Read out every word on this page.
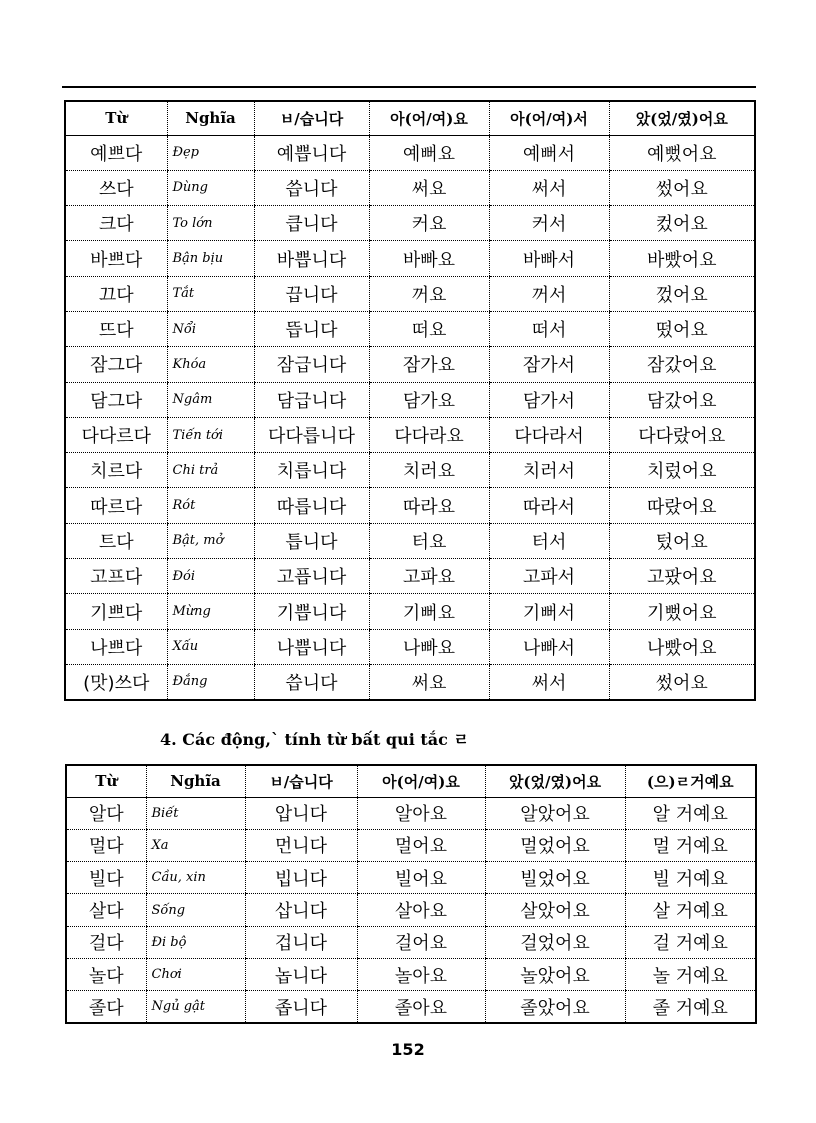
Từ	Nghĩa	ㅂ/습니다	아(어/여)요	아(어/여)서	았(었/였)어요
예쁘다	Đẹp	예쁩니다	예뻐요	예뻐서	예뻤어요
쓰다	Dùng	씁니다	써요	써서	썼어요
크다	To lớn	큽니다	커요	커서	컸어요
바쁘다	Bận bịu	바쁩니다	바빠요	바빠서	바빴어요
끄다	Tắt	끕니다	꺼요	꺼서	껐어요
뜨다	Nổi	뜹니다	떠요	떠서	떴어요
잠그다	Khóa	잠급니다	잠가요	잠가서	잠갔어요
담그다	Ngâm	담급니다	담가요	담가서	담갔어요
다다르다	Tiến tới	다다릅니다	다다라요	다다라서	다다랐어요
치르다	Chi trả	치릅니다	치러요	치러서	치렀어요
따르다	Rót	따릅니다	따라요	따라서	따랐어요
트다	Bật, mở	틉니다	터요	터서	텄어요
고프다	Đói	고픕니다	고파요	고파서	고팠어요
기쁘다	Mừng	기쁩니다	기뻐요	기뻐서	기뻤어요
나쁘다	Xấu	나쁩니다	나빠요	나빠서	나빴어요
(맛)쓰다	Đắng	씁니다	써요	써서	썼어요
4. Các động,` tính từ bất qui tắc ㄹ
Từ	Nghĩa	ㅂ/습니다	아(어/여)요	았(었/였)어요	(으)ㄹ거예요
알다	Biết	압니다	알아요	알았어요	알 거예요
멀다	Xa	먼니다	멀어요	멀었어요	멀 거예요
빌다	Cầu, xin	빕니다	빌어요	빌었어요	빌 거예요
살다	Sống	삽니다	살아요	살았어요	살 거예요
걸다	Đi bộ	겁니다	걸어요	걸었어요	걸 거예요
놀다	Chơi	놉니다	놀아요	놀았어요	놀 거예요
졸다	Ngủ gật	좁니다	졸아요	졸았어요	졸 거예요
152
